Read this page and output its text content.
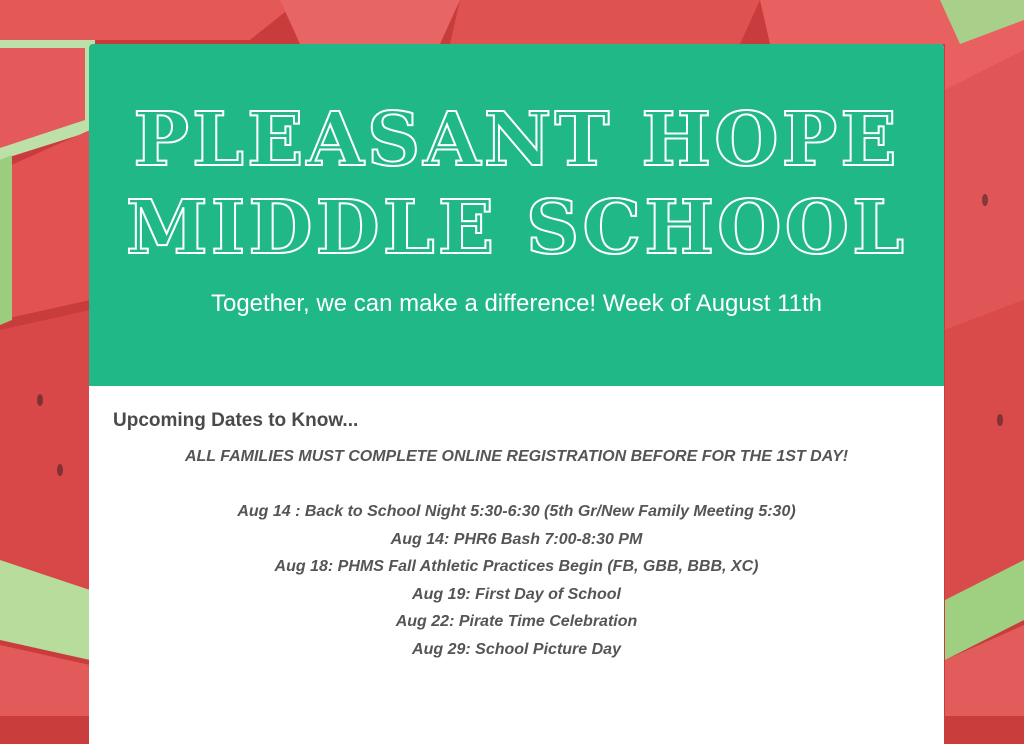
PLEASANT HOPE
MIDDLE SCHOOL
Together, we can make a difference! Week of August 11th
Upcoming Dates to Know...

ALL FAMILIES MUST COMPLETE ONLINE REGISTRATION BEFORE FOR THE 1ST DAY!

Aug 14 : Back to School Night 5:30-6:30 (5th Gr/New Family Meeting 5:30)
Aug 14: PHR6 Bash 7:00-8:30 PM
Aug 18: PHMS Fall Athletic Practices Begin (FB, GBB, BBB, XC)
Aug 19: First Day of School
Aug 22: Pirate Time Celebration
Aug 29: School Picture Day
